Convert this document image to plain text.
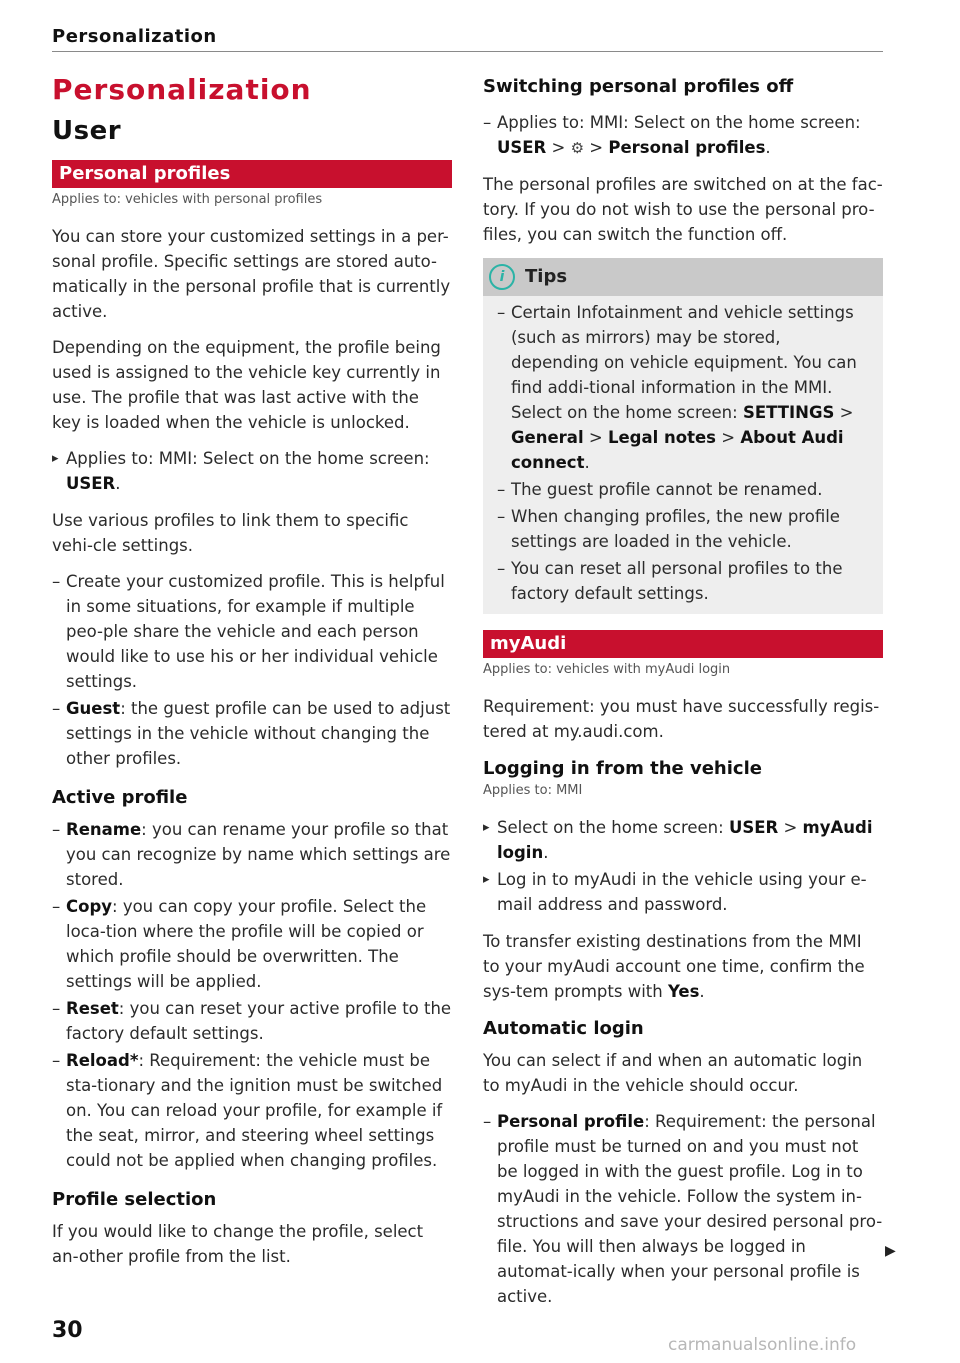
Personalization
Personalization
User
Personal profiles
Applies to: vehicles with personal profiles

You can store your customized settings in a per-sonal profile. Specific settings are stored auto-matically in the personal profile that is currently active.

Depending on the equipment, the profile being used is assigned to the vehicle key currently in use. The profile that was last active with the key is loaded when the vehicle is unlocked.

▸ Applies to: MMI: Select on the home screen:
USER.

Use various profiles to link them to specific vehi-cle settings.

– Create your customized profile. This is helpful in some situations, for example if multiple peo-ple share the vehicle and each person would like to use his or her individual vehicle settings.
– Guest: the guest profile can be used to adjust settings in the vehicle without changing the other profiles.
Active profile
– Rename: you can rename your profile so that you can recognize by name which settings are stored.
– Copy: you can copy your profile. Select the loca-tion where the profile will be copied or which profile should be overwritten. The settings will be applied.
– Reset: you can reset your active profile to the factory default settings.
– Reload*: Requirement: the vehicle must be sta-tionary and the ignition must be switched on. You can reload your profile, for example if the seat, mirror, and steering wheel settings could not be applied when changing profiles.
Profile selection

If you would like to change the profile, select an-other profile from the list.

Switching personal profiles off

– Applies to: MMI: Select on the home screen:
USER > ⚙ > Personal profiles.

The personal profiles are switched on at the fac-tory. If you do not wish to use the personal pro-files, you can switch the function off.

i Tips
– Certain Infotainment and vehicle settings (such as mirrors) may be stored, depending on vehicle equipment. You can find addi-tional information in the MMI. Select on the home screen: SETTINGS > General > Legal notes > About Audi connect.
– The guest profile cannot be renamed.
– When changing profiles, the new profile settings are loaded in the vehicle.
– You can reset all personal profiles to the factory default settings.
myAudi
Applies to: vehicles with myAudi login

Requirement: you must have successfully regis-tered at my.audi.com.

Logging in from the vehicle
Applies to: MMI
▸ Select on the home screen: USER > myAudi login.
▸ Log in to myAudi in the vehicle using your e-mail address and password.

To transfer existing destinations from the MMI to your myAudi account one time, confirm the sys-tem prompts with Yes.

Automatic login

You can select if and when an automatic login to myAudi in the vehicle should occur.

– Personal profile: Requirement: the personal profile must be turned on and you must not be logged in with the guest profile. Log in to myAudi in the vehicle. Follow the system in-structions and save your desired personal pro-file. You will then always be logged in automat-ically when your personal profile is active.
▶
30
carmanualsonline.info
